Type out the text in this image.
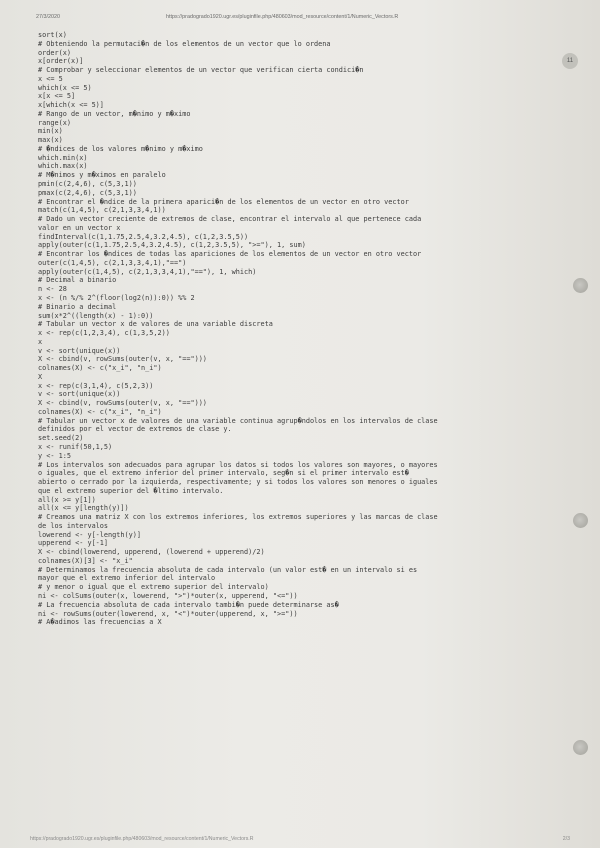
27/3/2020	https://pradogrado1920.ugr.es/pluginfile.php/480603/mod_resource/content/1/Numeric_Vectors.R
11
sort(x)
# Obteniendo la permutaci�n de los elementos de un vector que lo ordena
order(x)
x[order(x)]
# Comprobar y seleccionar elementos de un vector que verifican cierta condici�n
x <= 5
which(x <= 5)
x[x <= 5]
x[which(x <= 5)]
# Rango de un vector, m�nimo y m�ximo
range(x)
min(x)
max(x)
# �ndices de los valores m�nimo y m�ximo
which.min(x)
which.max(x)
# M�nimos y m�ximos en paralelo
pmin(c(2,4,6), c(5,3,1))
pmax(c(2,4,6), c(5,3,1))
# Encontrar el �ndice de la primera aparici�n de los elementos de un vector en otro vector
match(c(1,4,5), c(2,1,3,3,4,1))
# Dado un vector creciente de extremos de clase, encontrar el intervalo al que pertenece cada
valor en un vector x
findInterval(c(1,1.75,2.5,4,3.2,4.5), c(1,2,3.5,5))
apply(outer(c(1,1.75,2.5,4,3.2,4.5), c(1,2,3.5,5), ">="), 1, sum)
# Encontrar los �ndices de todas las apariciones de los elementos de un vector en otro vector
outer(c(1,4,5), c(2,1,3,3,4,1),"==")
apply(outer(c(1,4,5), c(2,1,3,3,4,1),"=="), 1, which)
# Decimal a binario
n <- 28
x <- (n %/% 2^(floor(log2(n)):0)) %% 2
# Binario a decimal
sum(x*2^((length(x) - 1):0))
# Tabular un vector x de valores de una variable discreta
x <- rep(c(1,2,3,4), c(1,3,5,2))
x
v <- sort(unique(x))
X <- cbind(v, rowSums(outer(v, x, "==")))
colnames(X) <- c("x_i", "n_i")
X
x <- rep(c(3,1,4), c(5,2,3))
v <- sort(unique(x))
X <- cbind(v, rowSums(outer(v, x, "==")))
colnames(X) <- c("x_i", "n_i")
# Tabular un vector x de valores de una variable continua agrup�ndolos en los intervalos de clase
definidos por el vector de extremos de clase y.
set.seed(2)
x <- runif(50,1,5)
y <- 1:5
# Los intervalos son adecuados para agrupar los datos si todos los valores son mayores, o mayores
o iguales, que el extremo inferior del primer intervalo, seg�n si el primer intervalo est�
abierto o cerrado por la izquierda, respectivamente; y si todos los valores son menores o iguales
que el extremo superior del �ltimo intervalo.
all(x >= y[1])
all(x <= y[length(y)])
# Creamos una matriz X con los extremos inferiores, los extremos superiores y las marcas de clase
de los intervalos
lowerend <- y[-length(y)]
upperend <- y[-1]
X <- cbind(lowerend, upperend, (lowerend + upperend)/2)
colnames(X)[3] <- "x_i"
# Determinamos la frecuencia absoluta de cada intervalo (un valor est� en un intervalo si es
mayor que el extremo inferior del intervalo
# y menor o igual que el extremo superior del intervalo)
ni <- colSums(outer(x, lowerend, ">")*outer(x, upperend, "<="))
# La frecuencia absoluta de cada intervalo tambi�n puede determinarse as�
ni <- rowSums(outer(lowerend, x, "<")*outer(upperend, x, ">="))
# A�adimos las frecuencias a X
https://pradogrado1920.ugr.es/pluginfile.php/480603/mod_resource/content/1/Numeric_Vectors.R	2/3
